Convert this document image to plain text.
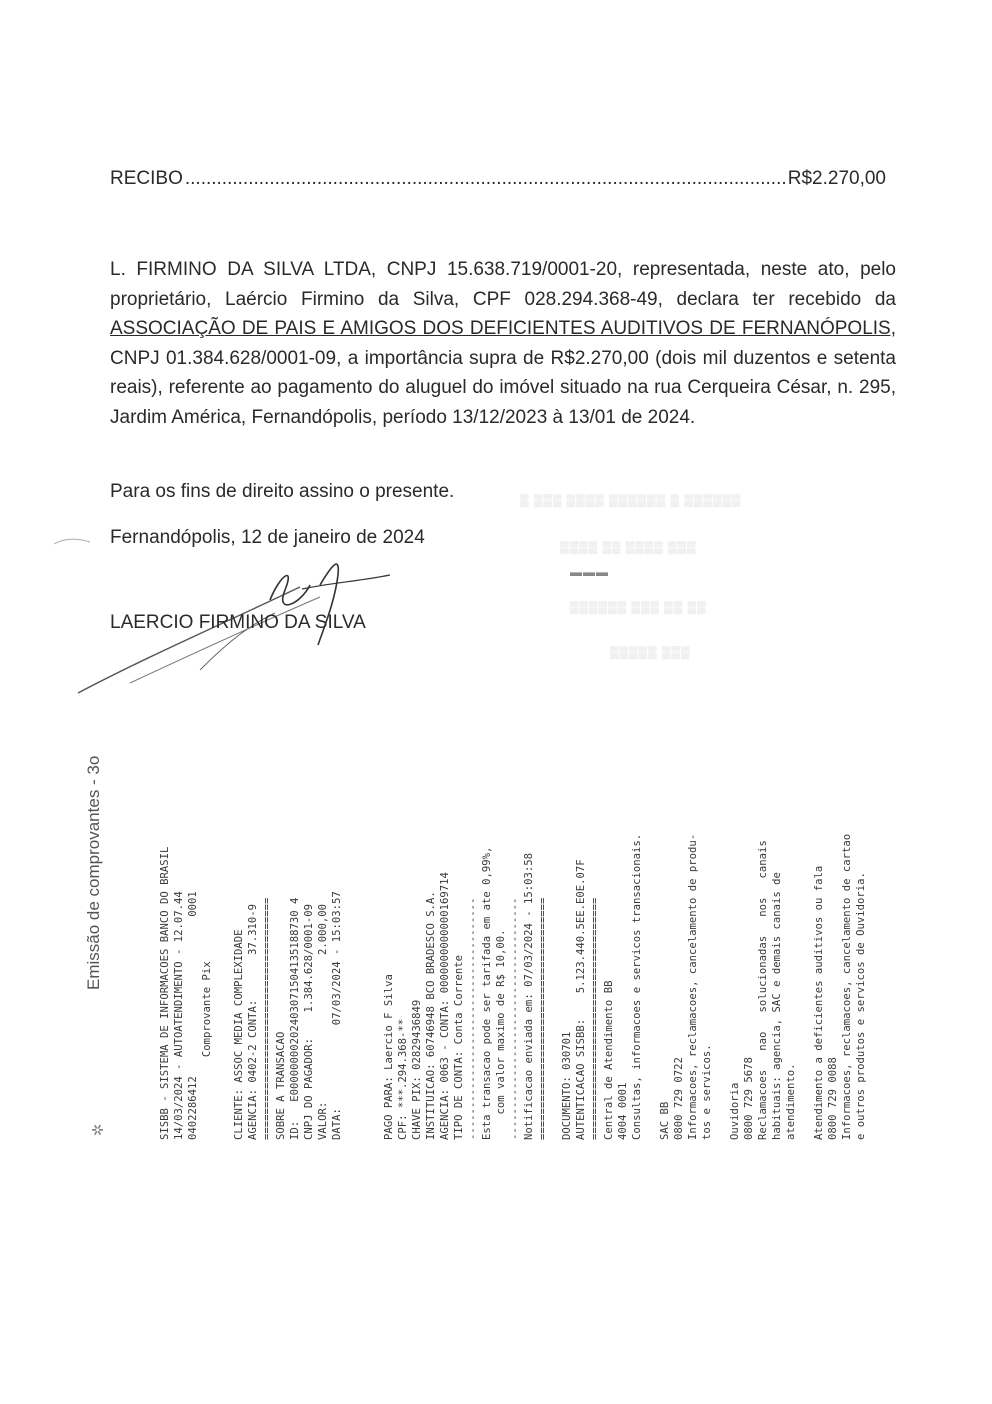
RECIBO
.....	R$2.270,00
L. FIRMINO DA SILVA LTDA, CNPJ 15.638.719/0001-20, representada, neste ato, pelo proprietário, Laércio Firmino da Silva, CPF 028.294.368-49, declara ter recebido da ASSOCIAÇÃO DE PAIS E AMIGOS DOS DEFICIENTES AUDITIVOS DE FERNANÓPOLIS, CNPJ 01.384.628/0001-09, a importância supra de R$2.270,00 (dois mil duzentos e setenta reais), referente ao pagamento do aluguel do imóvel situado na rua Cerqueira César, n. 295, Jardim América, Fernandópolis, período 13/12/2023 à 13/01 de 2024.
Para os fins de direito assino o presente.
Fernandópolis, 12 de janeiro de 2024
LAERCIO FIRMINO DA SILVA
▒ ▒▒▒ ▒▒▒▒ ▒▒▒▒▒▒ ▒ ▒▒▒▒▒▒
▒▒▒▒ ▒▒ ▒▒▒▒ ▒▒▒
▬▬▬
▒▒▒▒▒▒ ▒▒▒ ▒▒ ▒▒
▒▒▒▒▒ ▒▒▒
✲
Emissão de comprovantes - 3o	SISBB - SISTEMA DE INFORMACOES BANCO DO BRASIL 14/03/2024 - AUTOATENDIMENTO - 12.07.44 0402286412                         0001 Comprovante Pix CLIENTE: ASSOC MEDIA COMPLEXIDADE AGENCIA: 0402-2 CONTA:       37.310-9 ====================================== SOBRE A TRANSACAO ID:   E00000000202403071504135188730 4 CNPJ DO PAGADOR:    1.384.628/0001-09 VALOR:                       2.000,00 DATA:             07/03/2024 - 15:03:57	PAGO PARA: Laercio F Silva CPF: ***.294.368-** CHAVE PIX: 02829436849 INSTITUICAO: 60746948 BCO BRADESCO S.A. AGENCIA: 0063 - CONTA: 0000000000000169714 TIPO DE CONTA: Conta Corrente -------------------------------------- Esta transacao pode ser tarifada em ate 0,99%, com valor maximo de R$ 10,00. -------------------------------------- Notificacao enviada em: 07/03/2024 - 15:03:58 ====================================== DOCUMENTO: 030701 AUTENTICACAO SISBB:    5.123.440.5EE.E0E.07F ====================================== Central de Atendimento BB 4004 0001 Consultas, informacoes e servicos transacionais. SAC BB 0800 729 0722 Informacoes, reclamacoes, cancelamento de produ- tos e servicos. Ouvidoria 0800 729 5678 Reclamacoes   nao   solucionadas   nos   canais habituais: agencia, SAC e demais canais de atendimento. Atendimento a deficientes auditivos ou fala 0800 729 0088 Informacoes, reclamacoes, cancelamento de cartao e outros produtos e servicos de Ouvidoria.
